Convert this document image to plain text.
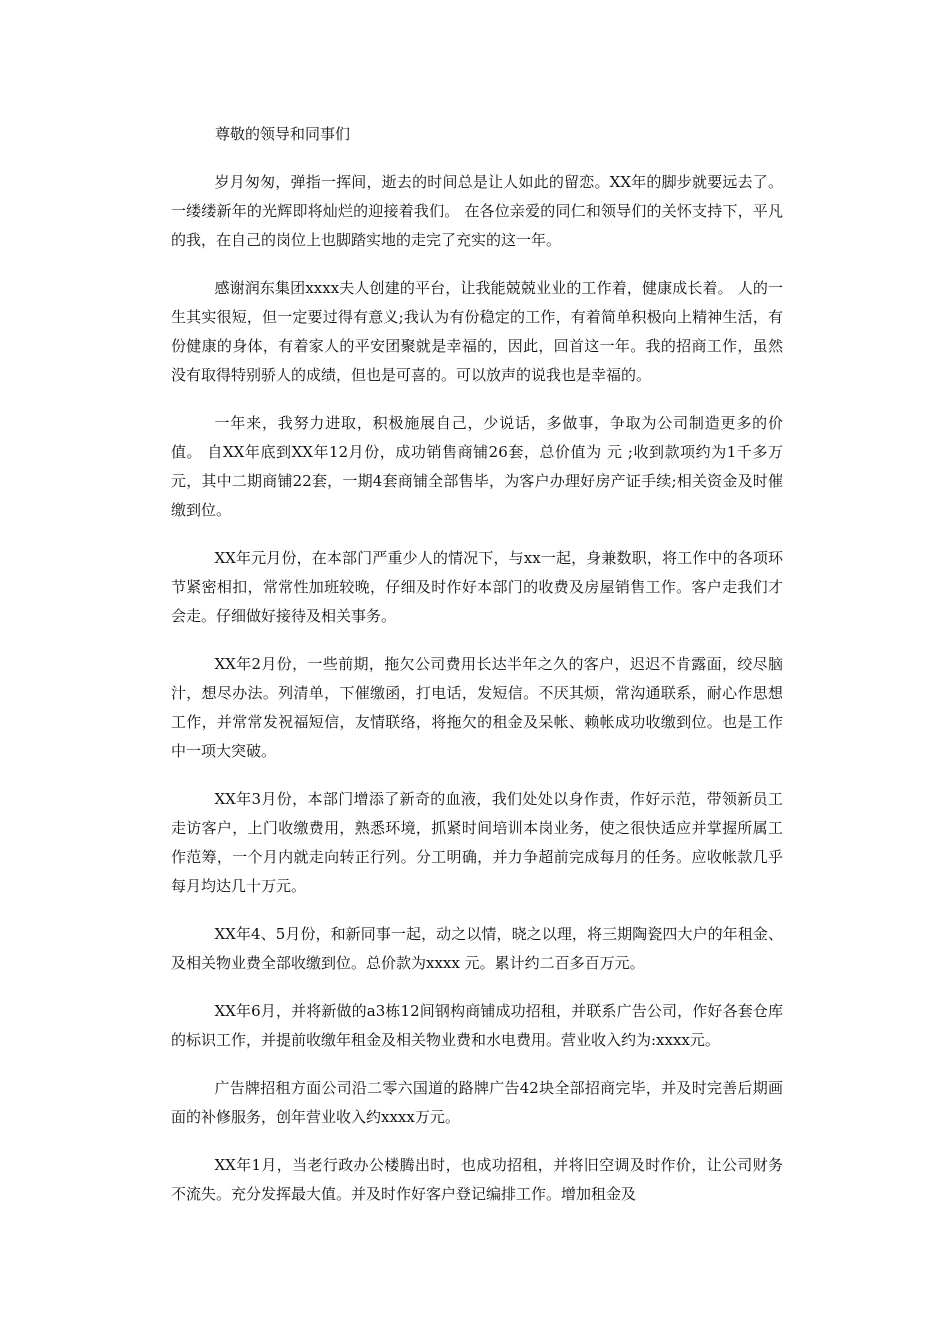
尊敬的领导和同事们

岁月匆匆，弹指一挥间，逝去的时间总是让人如此的留恋。XX年的脚步就要远去了。一缕缕新年的光辉即将灿烂的迎接着我们。 在各位亲爱的同仁和领导们的关怀支持下，平凡的我，在自己的岗位上也脚踏实地的走完了充实的这一年。

感谢润东集团xxxx夫人创建的平台，让我能兢兢业业的工作着，健康成长着。 人的一生其实很短，但一定要过得有意义;我认为有份稳定的工作，有着简单积极向上精神生活，有份健康的身体，有着家人的平安团聚就是幸福的，因此，回首这一年。我的招商工作，虽然没有取得特别骄人的成绩，但也是可喜的。可以放声的说我也是幸福的。

一年来，我努力进取，积极施展自己，少说话，多做事，争取为公司制造更多的价值。 自XX年底到XX年12月份，成功销售商铺26套，总价值为 元 ;收到款项约为1千多万元，其中二期商铺22套，一期4套商铺全部售毕，为客户办理好房产证手续;相关资金及时催缴到位。

XX年元月份，在本部门严重少人的情况下，与xx一起，身兼数职，将工作中的各项环节紧密相扣，常常性加班较晚，仔细及时作好本部门的收费及房屋销售工作。客户走我们才会走。仔细做好接待及相关事务。

XX年2月份，一些前期，拖欠公司费用长达半年之久的客户，迟迟不肯露面，绞尽脑汁，想尽办法。列清单，下催缴函，打电话，发短信。不厌其烦，常沟通联系，耐心作思想工作，并常常发祝福短信，友情联络，将拖欠的租金及呆帐、赖帐成功收缴到位。也是工作中一项大突破。

XX年3月份，本部门增添了新奇的血液，我们处处以身作责，作好示范，带领新员工走访客户，上门收缴费用，熟悉环境，抓紧时间培训本岗业务，使之很快适应并掌握所属工作范筹，一个月内就走向转正行列。分工明确，并力争超前完成每月的任务。应收帐款几乎每月均达几十万元。

XX年4、5月份，和新同事一起，动之以情，晓之以理，将三期陶瓷四大户的年租金、及相关物业费全部收缴到位。总价款为xxxx 元。累计约二百多百万元。

XX年6月，并将新做的a3栋12间钢构商铺成功招租，并联系广告公司，作好各套仓库的标识工作，并提前收缴年租金及相关物业费和水电费用。营业收入约为:xxxx元。

广告牌招租方面公司沿二零六国道的路牌广告42块全部招商完毕，并及时完善后期画面的补修服务，创年营业收入约xxxx万元。

XX年1月，当老行政办公楼腾出时，也成功招租，并将旧空调及时作价，让公司财务不流失。充分发挥最大值。并及时作好客户登记编排工作。增加租金及
